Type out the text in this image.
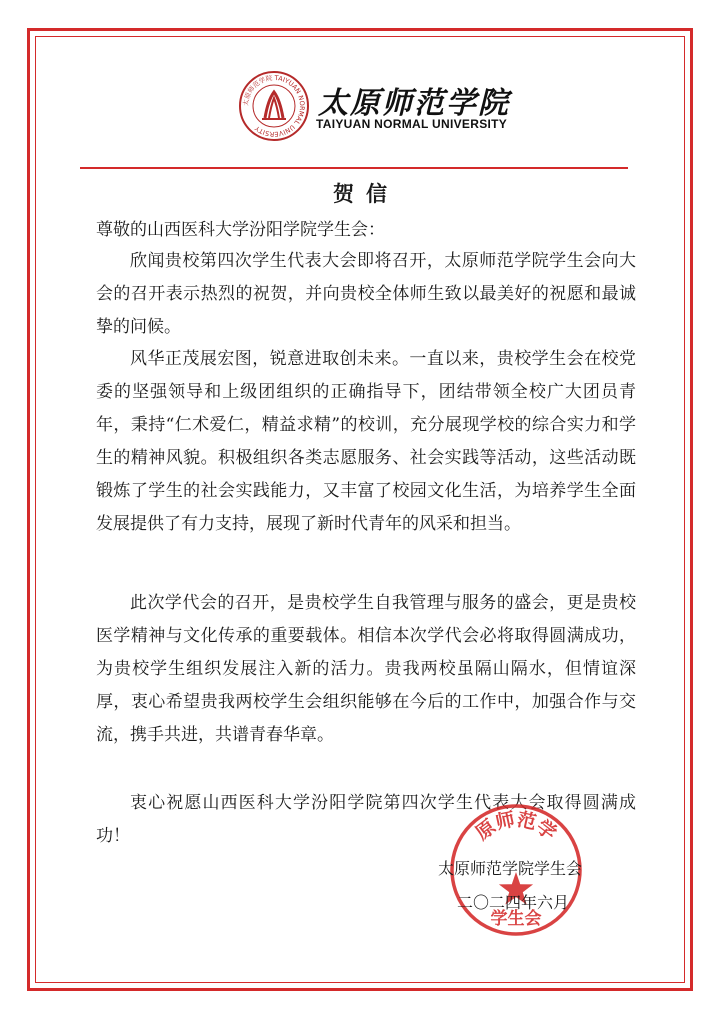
太原师范学院 TAIYUAN NORMAL UNIVERSITY
太原师范学院
TAIYUAN NORMAL UNIVERSITY
贺信
尊敬的山西医科大学汾阳学院学生会：
欣闻贵校第四次学生代表大会即将召开，太原师范学院学生会向大会的召开表示热烈的祝贺，并向贵校全体师生致以最美好的祝愿和最诚挚的问候。
风华正茂展宏图，锐意进取创未来。一直以来，贵校学生会在校党委的坚强领导和上级团组织的正确指导下，团结带领全校广大团员青年，秉持“仁术爱仁，精益求精”的校训，充分展现学校的综合实力和学生的精神风貌。积极组织各类志愿服务、社会实践等活动，这些活动既锻炼了学生的社会实践能力，又丰富了校园文化生活，为培养学生全面发展提供了有力支持，展现了新时代青年的风采和担当。
此次学代会的召开，是贵校学生自我管理与服务的盛会，更是贵校医学精神与文化传承的重要载体。相信本次学代会必将取得圆满成功，为贵校学生组织发展注入新的活力。贵我两校虽隔山隔水，但情谊深厚，衷心希望贵我两校学生会组织能够在今后的工作中，加强合作与交流，携手共进，共谱青春华章。
衷心祝愿山西医科大学汾阳学院第四次学生代表大会取得圆满成功！	原师范学
学生会
太原师范学院学生会
二〇二四年六月
